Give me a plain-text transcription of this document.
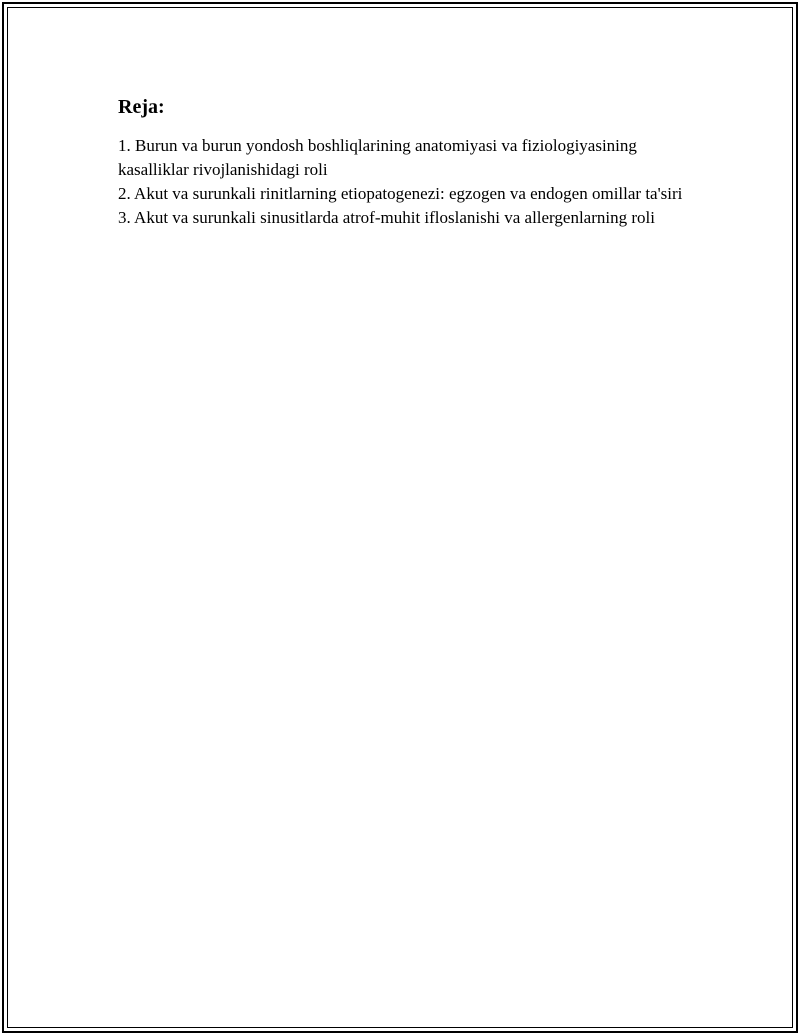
Reja:
1. Burun va burun yondosh boshliqlarining anatomiyasi va fiziologiyasining kasalliklar rivojlanishidagi roli
2. Akut va surunkali rinitlarning etiopatogenezi: egzogen va endogen omillar ta'siri
3. Akut va surunkali sinusitlarda atrof-muhit ifloslanishi va allergenlarning roli
